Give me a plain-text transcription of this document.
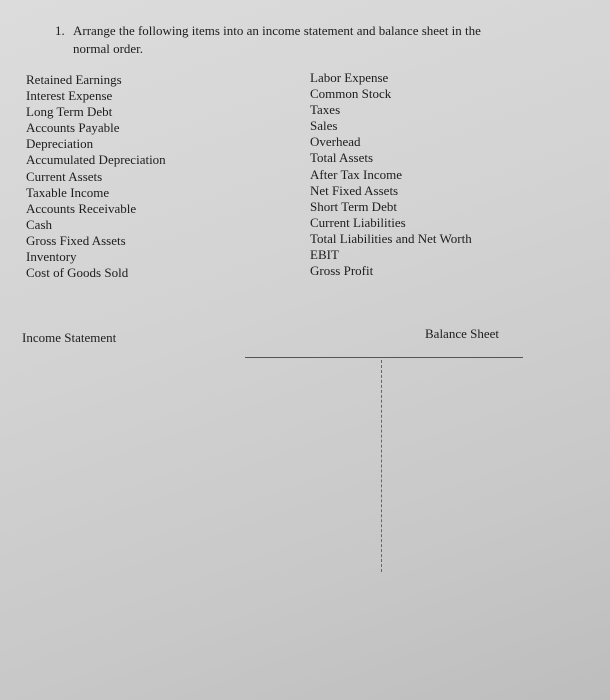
1. Arrange the following items into an income statement and balance sheet in the
normal order.
Retained Earnings
Interest Expense
Long Term Debt
Accounts Payable
Depreciation
Accumulated Depreciation
Current Assets
Taxable Income
Accounts Receivable
Cash
Gross Fixed Assets
Inventory
Cost of Goods Sold
Labor Expense
Common Stock
Taxes
Sales
Overhead
Total Assets
After Tax Income
Net Fixed Assets
Short Term Debt
Current Liabilities
Total Liabilities and Net Worth
EBIT
Gross Profit
Income Statement	Balance Sheet
